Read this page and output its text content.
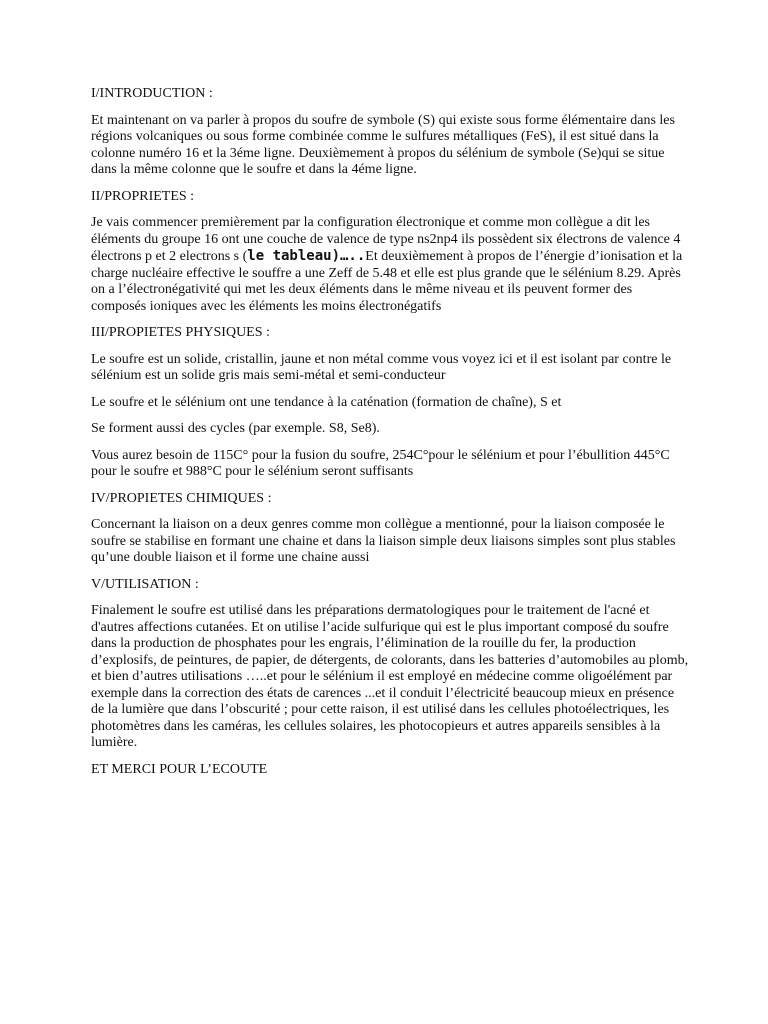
I/INTRODUCTION :

Et maintenant on va parler à propos du soufre de symbole (S) qui existe sous forme élémentaire dans les régions volcaniques ou sous forme combinée comme le sulfures métalliques (FeS), il est situé dans la colonne numéro 16 et la 3éme ligne. Deuxièmement à propos du sélénium de symbole (Se)qui se situe dans la même colonne que le soufre et dans la 4éme ligne.

II/PROPRIETES :

Je vais commencer premièrement par la configuration électronique et comme mon collègue a dit les éléments du groupe 16 ont une couche de valence de type ns2np4 ils possèdent six électrons de valence 4 électrons p et 2 electrons s (le tableau)…..Et deuxièmement à propos de l’énergie d’ionisation et la charge nucléaire effective le souffre a une Zeff de 5.48 et elle est plus grande que le sélénium 8.29. Après on a l’électronégativité qui met les deux éléments dans le même niveau et ils peuvent former des composés ioniques avec les éléments les moins électronégatifs

III/PROPIETES PHYSIQUES :

Le soufre est un solide, cristallin, jaune et non métal comme vous voyez ici et il est isolant par contre le sélénium est un solide gris mais semi-métal et semi-conducteur

Le soufre et le sélénium ont une tendance à la caténation (formation de chaîne), S et

Se forment aussi des cycles (par exemple. S8, Se8).

Vous aurez besoin de 115C° pour la fusion du soufre, 254C°pour le sélénium et pour l’ébullition 445°C pour le soufre et 988°C pour le sélénium seront suffisants

IV/PROPIETES CHIMIQUES :

Concernant la liaison on a deux genres comme mon collègue a mentionné, pour la liaison composée le soufre se stabilise en formant une chaine et dans la liaison simple deux liaisons simples sont plus stables qu’une double liaison et il forme une chaine aussi

V/UTILISATION :

Finalement le soufre est utilisé dans les préparations dermatologiques pour le traitement de l'acné et d'autres affections cutanées. Et on utilise l’acide sulfurique qui est le plus important composé du soufre dans la production de phosphates pour les engrais, l’élimination de la rouille du fer, la production d’explosifs, de peintures, de papier, de détergents, de colorants, dans les batteries d’automobiles au plomb, et bien d’autres utilisations …..et pour le sélénium il est employé en médecine comme oligoélément par exemple dans la correction des états de carences ...et il conduit l’électricité beaucoup mieux en présence de la lumière que dans l’obscurité ; pour cette raison, il est utilisé dans les cellules photoélectriques, les photomètres dans les caméras, les cellules solaires, les photocopieurs et autres appareils sensibles à la lumière.

ET MERCI POUR L’ECOUTE
